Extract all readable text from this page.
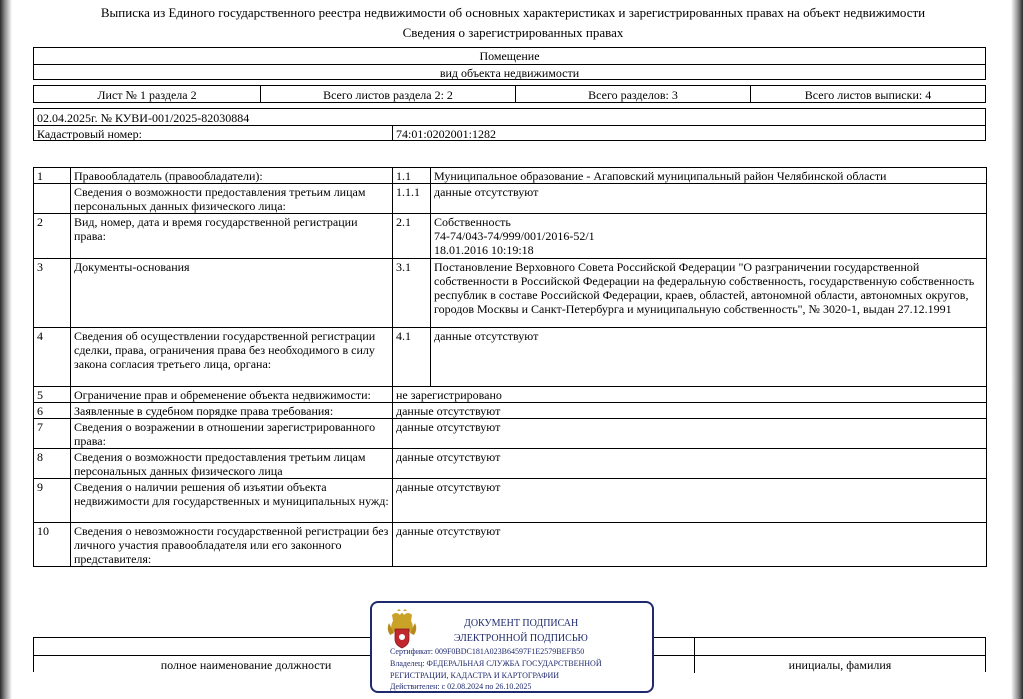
Выписка из Единого государственного реестра недвижимости об основных характеристиках и зарегистрированных правах на объект недвижимости
Сведения о зарегистрированных правах
Помещение
вид объекта недвижимости
Лист № 1 раздела 2	Всего листов раздела 2: 2	Всего разделов: 3	Всего листов выписки: 4
02.04.2025г. № КУВИ-001/2025-82030884
Кадастровый номер:	74:01:0202001:1282
1	Правообладатель (правообладатели):	1.1	Муниципальное образование - Агаповский муниципальный район Челябинской области
	Сведения о возможности предоставления третьим лицам персональных данных физического лица:	1.1.1	данные отсутствуют
2	Вид, номер, дата и время государственной регистрации права:	2.1	Собственность
74-74/043-74/999/001/2016-52/1
18.01.2016 10:19:18

3	Документы-основания	3.1	Постановление Верховного Совета Российской Федерации "О разграничении государственной собственности в Российской Федерации на федеральную собственность, государственную собственность республик в составе Российской Федерации, краев, областей, автономной области, автономных округов, городов Москвы и Санкт-Петербурга и муниципальную собственность", № 3020-1, выдан 27.12.1991
4	Сведения об осуществлении государственной регистрации сделки, права, ограничения права без необходимого в силу закона согласия третьего лица, органа:	4.1	данные отсутствуют
5	Ограничение прав и обременение объекта недвижимости:	не зарегистрировано	
6	Заявленные в судебном порядке права требования:	данные отсутствуют	
7	Сведения о возражении в отношении зарегистрированного права:	данные отсутствуют	
8	Сведения о возможности предоставления третьим лицам персональных данных физического лица	данные отсутствуют	
9	Сведения о наличии решения об изъятии объекта недвижимости для государственных и муниципальных нужд:	данные отсутствуют	
10	Сведения о невозможности государственной регистрации без личного участия правообладателя или его законного представителя:	данные отсутствуют	
полное наименование должности	инициалы, фамилия
ДОКУМЕНТ ПОДПИСАН
ЭЛЕКТРОННОЙ ПОДПИСЬЮ
Сертификат: 009F0BDC181A023B64597F1E2579BEFB50
Владелец: ФЕДЕРАЛЬНАЯ СЛУЖБА ГОСУДАРСТВЕННОЙ
РЕГИСТРАЦИИ, КАДАСТРА И КАРТОГРАФИИ
Действителен: с 02.08.2024 по 26.10.2025
